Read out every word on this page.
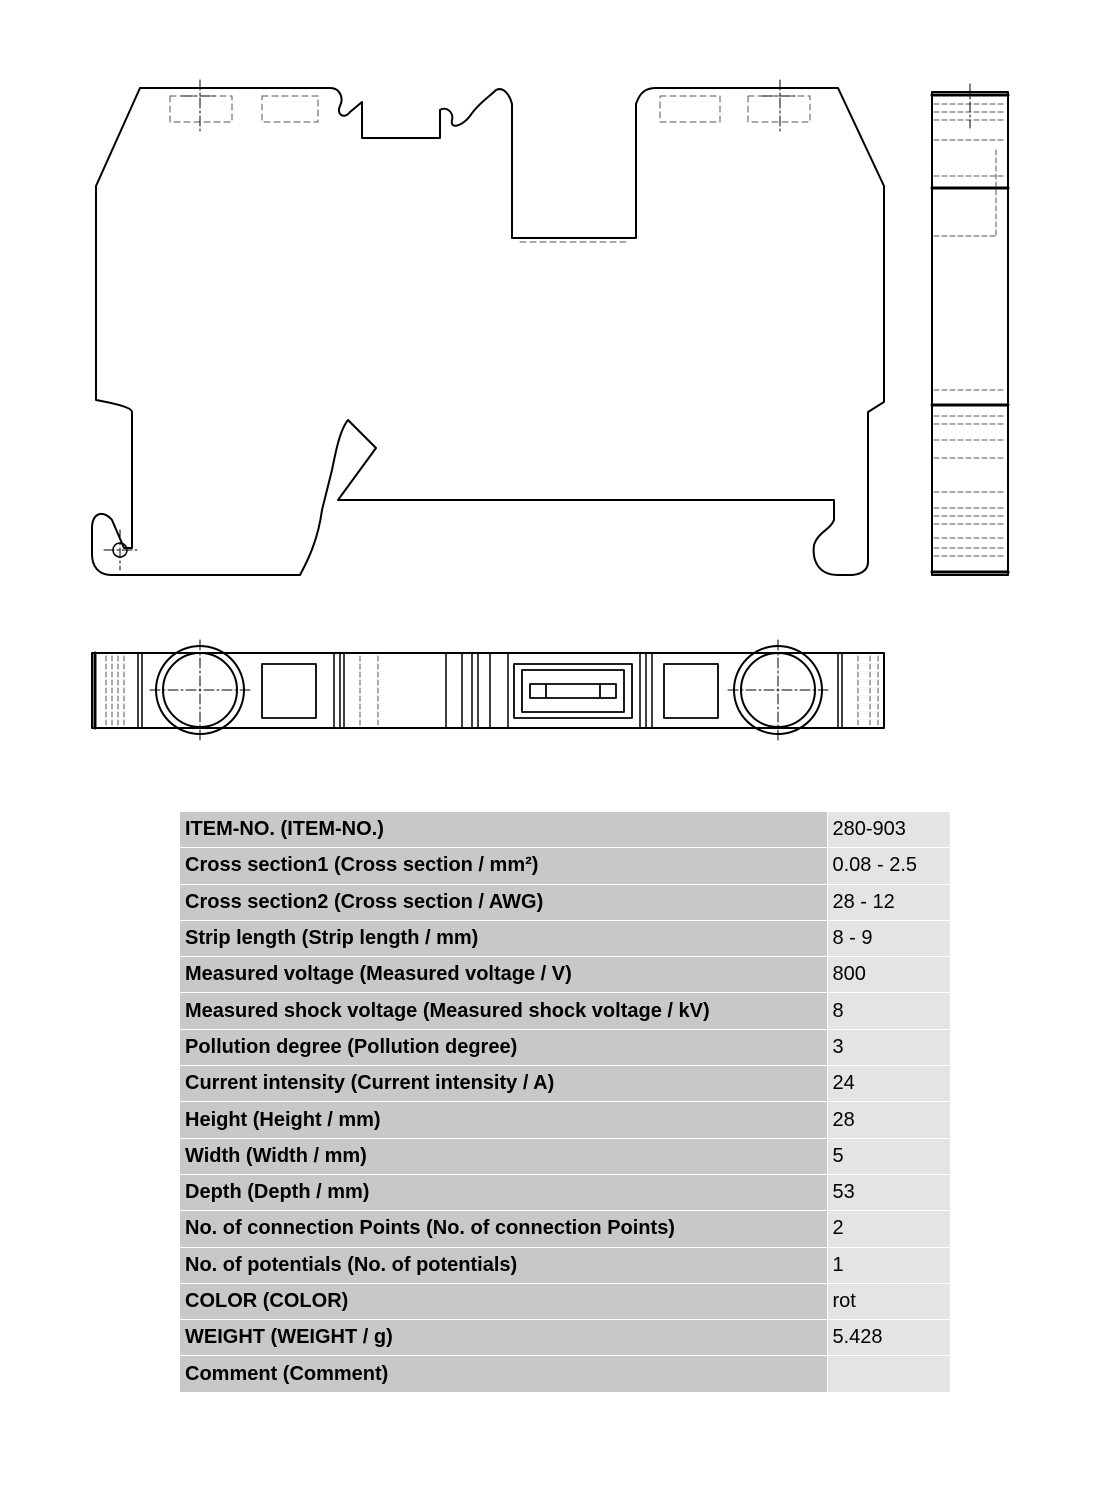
ITEM-NO. (ITEM-NO.)	280-903
Cross section1 (Cross section / mm²)	0.08 - 2.5
Cross section2 (Cross section / AWG)	28 - 12
Strip length (Strip length / mm)	8 - 9
Measured voltage (Measured voltage / V)	800
Measured shock voltage (Measured shock voltage / kV)	8
Pollution degree (Pollution degree)	3
Current intensity (Current intensity / A)	24
Height (Height / mm)	28
Width (Width / mm)	5
Depth (Depth / mm)	53
No. of connection Points (No. of connection Points)	2
No. of potentials (No. of potentials)	1
COLOR (COLOR)	rot
WEIGHT (WEIGHT / g)	5.428
Comment (Comment)	
